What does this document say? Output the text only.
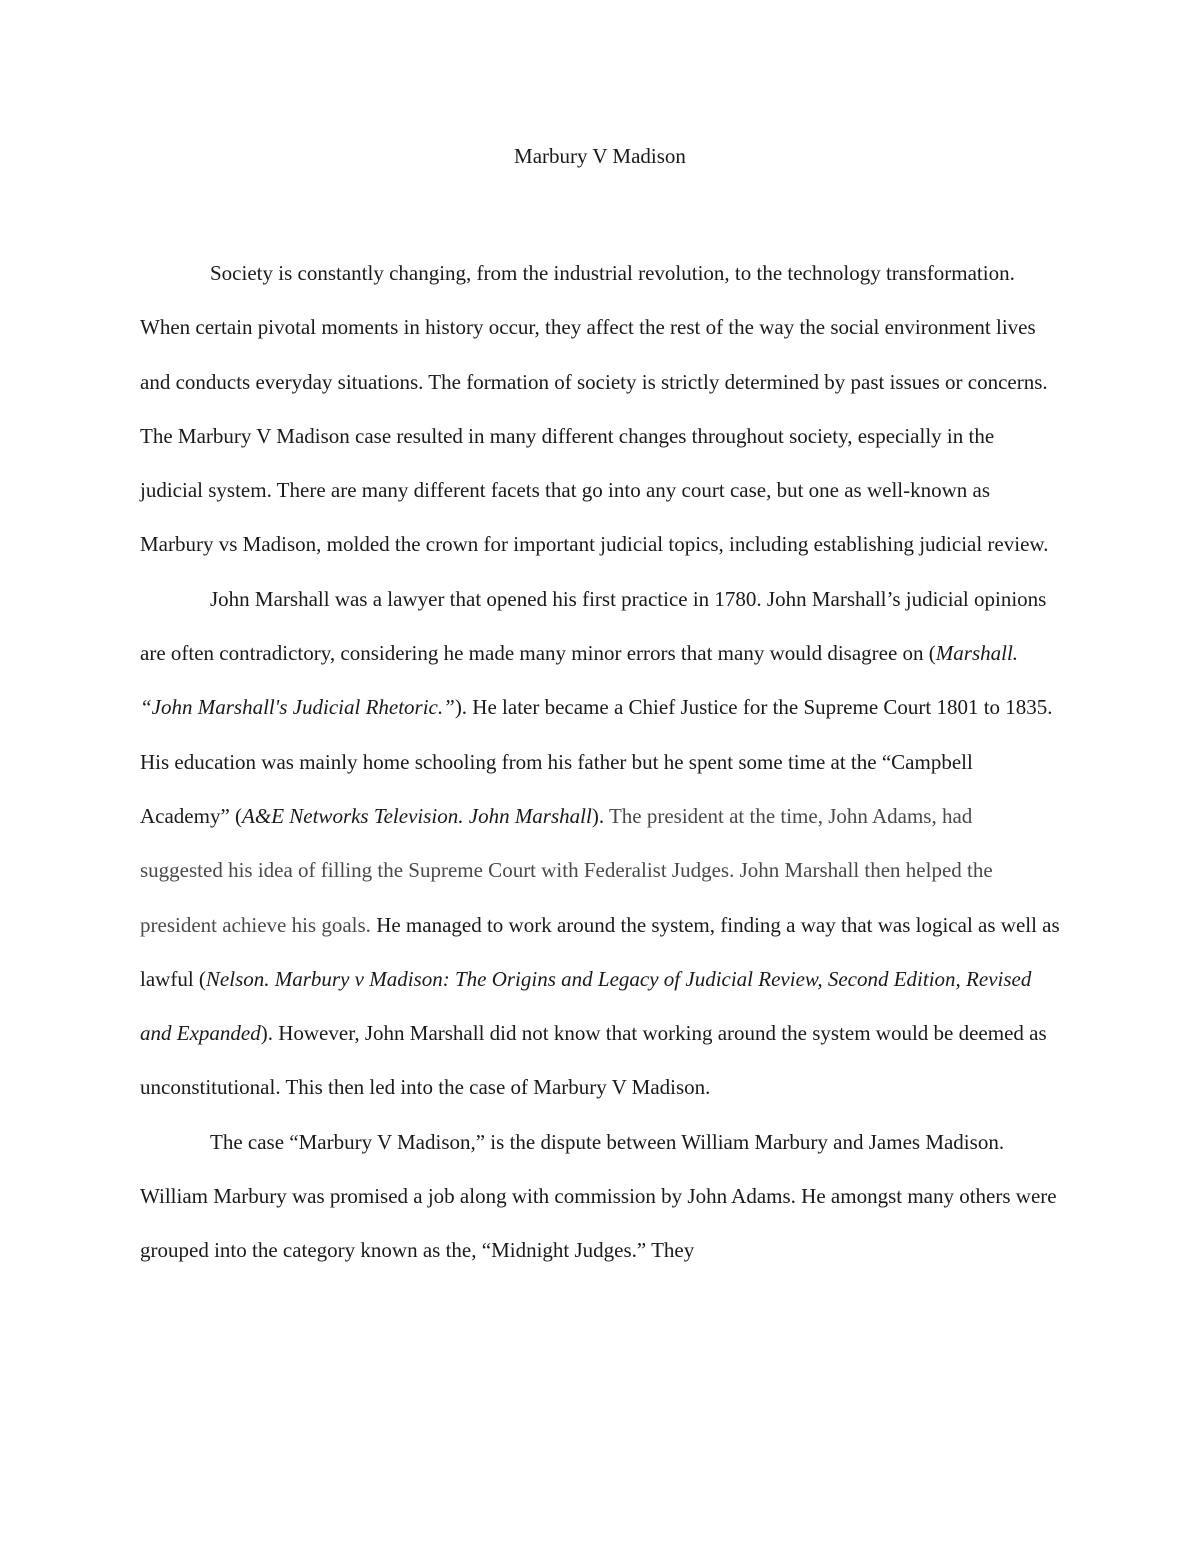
Marbury V Madison

Society is constantly changing, from the industrial revolution, to the technology transformation. When certain pivotal moments in history occur, they affect the rest of the way the social environment lives and conducts everyday situations. The formation of society is strictly determined by past issues or concerns. The Marbury V Madison case resulted in many different changes throughout society, especially in the judicial system. There are many different facets that go into any court case, but one as well-known as Marbury vs Madison, molded the crown for important judicial topics, including establishing judicial review.

John Marshall was a lawyer that opened his first practice in 1780. John Marshall’s judicial opinions are often contradictory, considering he made many minor errors that many would disagree on (Marshall. “John Marshall's Judicial Rhetoric.”). He later became a Chief Justice for the Supreme Court 1801 to 1835. His education was mainly home schooling from his father but he spent some time at the “Campbell Academy” (A&E Networks Television. John Marshall). The president at the time, John Adams, had suggested his idea of filling the Supreme Court with Federalist Judges. John Marshall then helped the president achieve his goals. He managed to work around the system, finding a way that was logical as well as lawful (Nelson. Marbury v Madison: The Origins and Legacy of Judicial Review, Second Edition, Revised and Expanded). However, John Marshall did not know that working around the system would be deemed as unconstitutional. This then led into the case of Marbury V Madison.

The case “Marbury V Madison,” is the dispute between William Marbury and James Madison. William Marbury was promised a job along with commission by John Adams. He amongst many others were grouped into the category known as the, “Midnight Judges.” They
